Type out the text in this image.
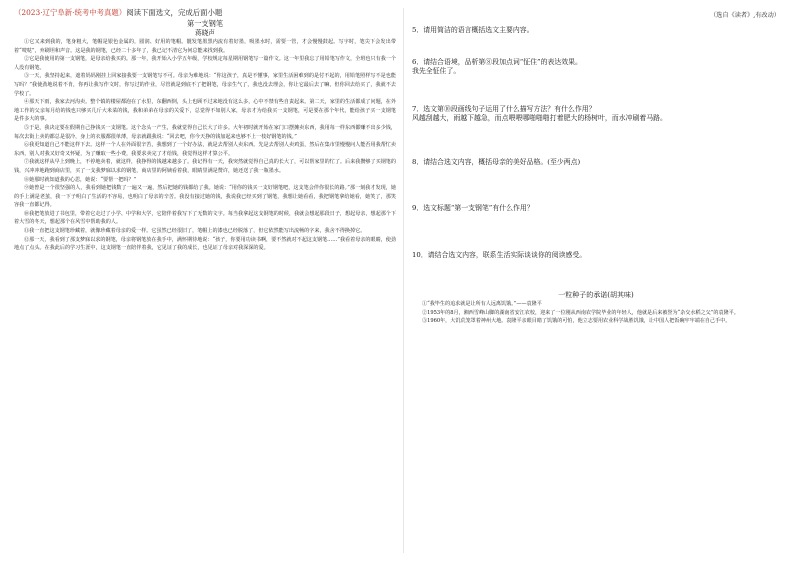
（2023·辽宁阜新·统考中考真题）阅读下面选文，完成后面小题
第一支钢笔
蒋晓声

①它又来到我的，笔身粗大，笔帽是银色金属的，圆润、好用的笔帽。靓发笔墨黑内流有着好墨，吸墨水时，需要一管，才会慢慢鼓起。写字时，笔尖下会发出带着“唛哒”，弃刷坦和声音。这是我的钢笔，已经二十多年了，我已记不清它为何总能来找到我。

②它是我使用的第一支钢笔，是母亲给我买的。那一年，我开始入小学五年级，学校规定每星期用钢笔写一篇作文。这一年里我忘了用铅笔写作文，全班也只有我一个人没有钢笔。

③一天，我坚持起来，遮着妈妈刚挂上回家接我要一支钢笔写不可。母亲为难地说：“你这孩子，真是不懂事，家里生活困难到的是付不起的，用铅笔照样写不是也能写吗？”我使劲地说着不肯，你再让我写作文时，你写过的作业，尽管就是到底不了把钢笔，母亲生气了，我也没去理会，你让它最后去了嘛，但你回去给买了，我就不去学校了。

④那天下雨，我家去河沟卖。整个镇的楼屋都泡在了水里，东翻西倒，头上也顾不过来地没有这么多，心中不禁有些自责起来。第二天，家里的生活都成了问题，在外地工作的父亲每月给的钱也只够买几斤大米菜的钱，我和弟弟在母亲的关爱下，总觉得不如别人家，母亲才为给我买一支钢笔，可是要在那个年代，能给孩子买一支钢笔是件多大的事。

⑤于是，我决定要在假期自己挣钱买一支钢笔。这个念头一产生，我就觉得自己长大了许多。大年初时就开始在家门口摆摊卖东西，我用每一样东西都赚不出多少钱，每次去街上卖的都总是很冷，身上的衣服都很单薄，母亲就跟我说：“回去吧，你今天挣的钱加起来也够不上一枝好钢笔的钱。”

⑥我更知道自己不能这样下去。这样一个人在外面很辛苦，我想到了一个好办法，就是去帮别人卖东西。先是去帮别人卖鸡蛋，然后在集市里慢慢问人能否用我帮忙卖东西，别人对我又好奇又怀疑，为了赚取一些小费，我要求卖完了才给钱，我觉得这样才算公平。

⑦我就这样从早上到晚上，不停地卖着，就这样，我挣得的钱越来越多了。我记得有一天，我突然就觉得自己真的长大了，可以帮家里的忙了。后来我攒够了买钢笔的钱，兴冲冲地跑到商店里，买了一支我梦寐以求的钢笔，商店里的阿姨看着我，眼睛里满是赞许，她还送了我一瓶墨水。

⑧她那时就知道我的心思，她说：“要帮一把吗？”

⑨她曾是一个很坚强的人，我看到她把钱数了一遍又一遍，然后把她的钱都给了我。她说：“用你的钱买一支好钢笔吧，这支笔会伴你很长的路。”那一刻我才发现，她的手上满是老茧，我一下子明白了生活的不容易，也明白了母亲的辛苦。我没有接过她的钱，我说我已经买到了钢笔，我想让她看看，我把钢笔拿给她看，她笑了，那笑容我一直都记得。

⑩我把笔放进了书包里，带着它走过了小学、中学和大学，它陪伴着我写下了无数的文字。每当我拿起这支钢笔的时候，我就会想起那段日子，想起母亲，想起那个下着大雪的冬天，想起那个在风雪中帮助我的人。

⑪我一直把这支钢笔珍藏着，就像珍藏着母亲的爱一样。它虽然已经很旧了，笔帽上的漆也已经脱落了，但它依然能写出流畅的字来，我舍不得换掉它。

⑫那一天，我看到了那支梦寐以求的钢笔，母亲将钢笔放在我手中，满怀期待地说：“孩子，你要用功读书啊，要不然就对不起这支钢笔……”我看着母亲的眼睛，使劲地点了点头。在我此后的学习生涯中，这支钢笔一直陪伴着我，它见证了我的成长，也见证了母亲对我深深的爱。

（选自《读者》,有改动）

5．请用简洁的语言概括选文主要内容。

6．请结合语境，品析第⑧段加点词“怔住”的表达效果。

我先全怔住了。

7．选文第⑩段画线句子运用了什么描写方法？有什么作用？

风越刮越大，雨越下越急，而点喂喂哪啪啪啪打着肥大的杨树叶，而水冲刷着马路。

8．请结合选文内容，概括母亲的美好品格。(至少两点)

9．选文标题“第一支钢笔”有什么作用？

10．请结合选文内容，联系生活实际谈谈你的阅读感受。

一粒种子的承诺(胡其味)

①“我毕生的追求就是让所有人远离饥饿。”——袁隆平

②1953年的8月，湘西雪峰山脚的湖南省安江农校，迎来了一位刚从西南农学院毕业的年轻人，他就是后来被誉为“杂交水稻之父”的袁隆平。

③1960年，大饥荒笼罩着神州大地。袁隆平亲眼目睹了饥饿的可怕，他立志要用农业科学战胜饥饿，让中国人把饭碗牢牢端在自己手中。
